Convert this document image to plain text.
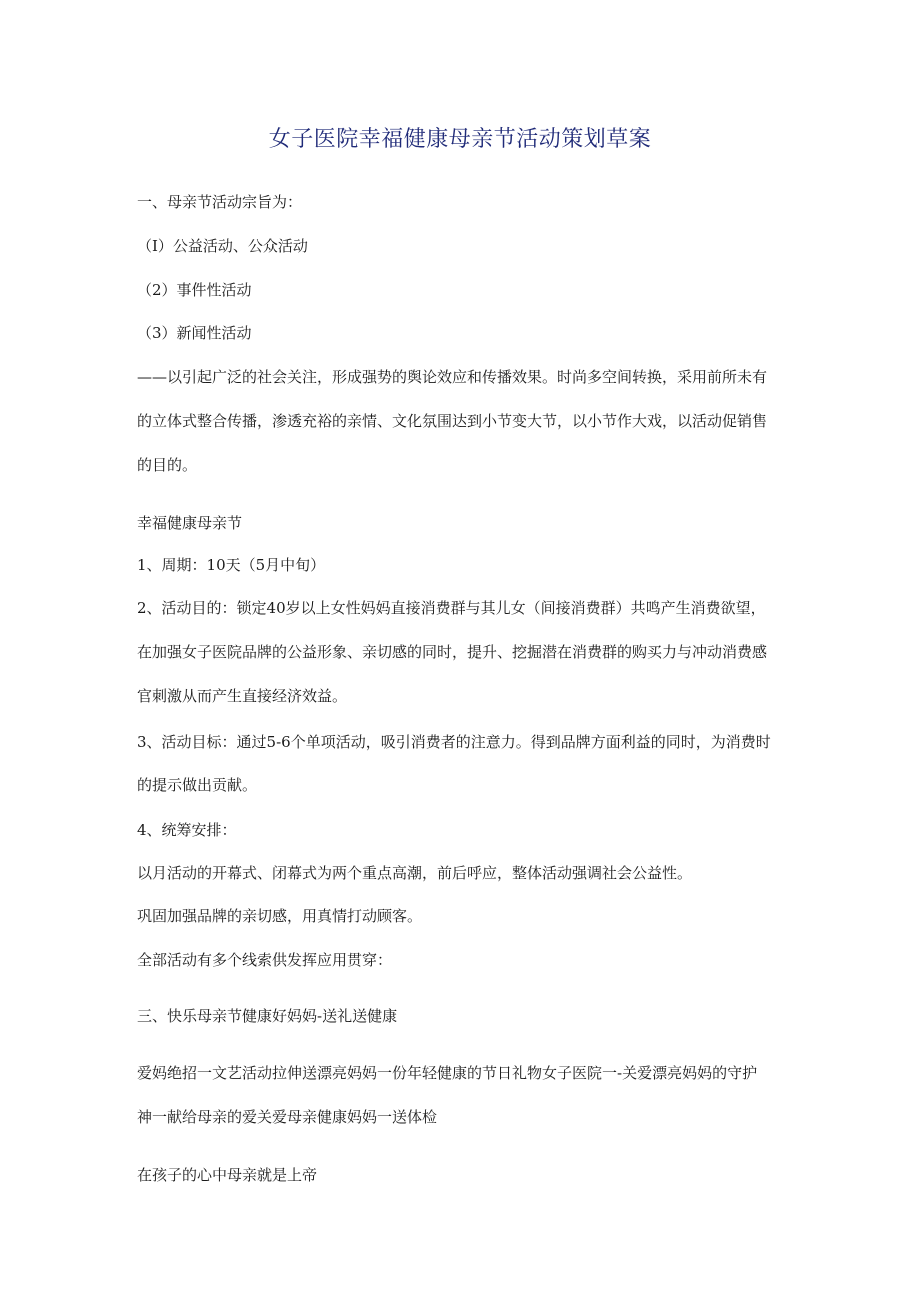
女子医院幸福健康母亲节活动策划草案
一、母亲节活动宗旨为：
（I）公益活动、公众活动
（2）事件性活动
（3）新闻性活动
——以引起广泛的社会关注，形成强势的舆论效应和传播效果。时尚多空间转换，采用前所未有
的立体式整合传播，渗透充裕的亲情、文化氛围达到小节变大节，以小节作大戏，以活动促销售
的目的。
幸福健康母亲节
1、周期：10天（5月中旬）
2、活动目的：锁定40岁以上女性妈妈直接消费群与其儿女（间接消费群）共鸣产生消费欲望，
在加强女子医院品牌的公益形象、亲切感的同时，提升、挖掘潜在消费群的购买力与冲动消费感
官刺激从而产生直接经济效益。
3、活动目标：通过5-6个单项活动，吸引消费者的注意力。得到品牌方面利益的同时，为消费时
的提示做出贡献。
4、统筹安排：
以月活动的开幕式、闭幕式为两个重点高潮，前后呼应，整体活动强调社会公益性。
巩固加强品牌的亲切感，用真情打动顾客。
全部活动有多个线索供发挥应用贯穿：
三、快乐母亲节健康好妈妈-送礼送健康
爱妈绝招一文艺活动拉伸送漂亮妈妈一份年轻健康的节日礼物女子医院一-关爱漂亮妈妈的守护
神一献给母亲的爱关爱母亲健康妈妈一送体检
在孩子的心中母亲就是上帝
